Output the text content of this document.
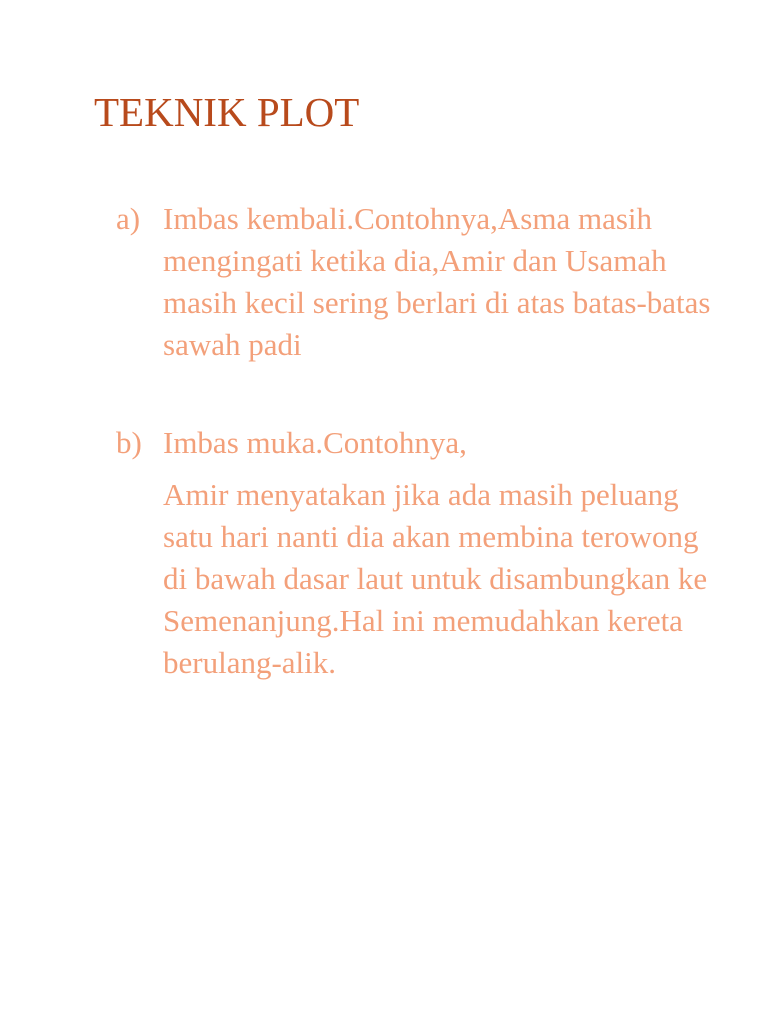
TEKNIK PLOT
a) Imbas kembali.Contohnya,Asma masih mengingati ketika dia,Amir dan Usamah masih kecil sering berlari di atas batas-batas sawah padi

b) Imbas muka.Contohnya,

Amir menyatakan jika ada masih peluang satu hari nanti dia akan membina terowong di bawah dasar laut untuk disambungkan ke Semenanjung.Hal ini memudahkan kereta berulang-alik.
